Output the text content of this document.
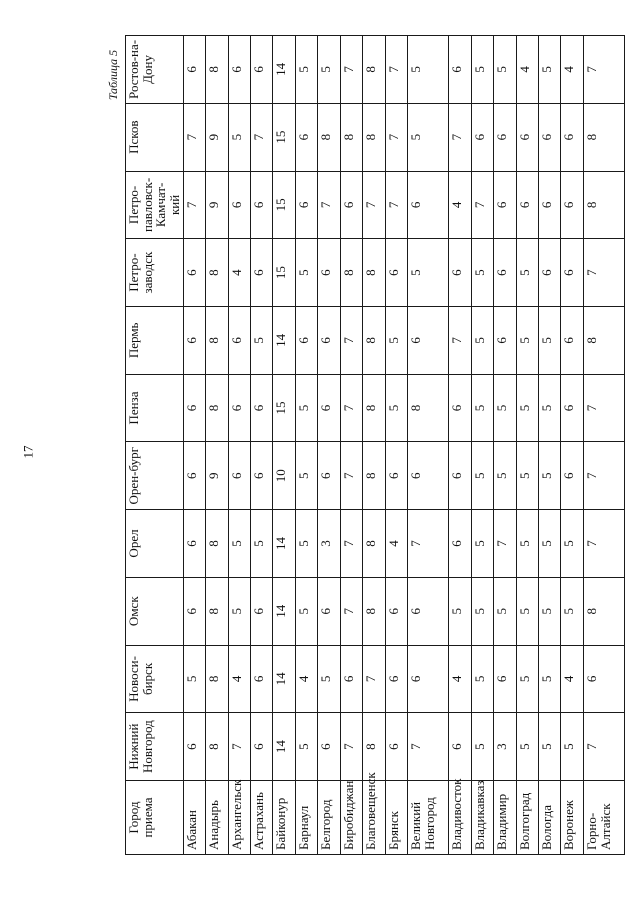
17
Таблица 5
Город приема	Нижний Новгород	Новоси-бирск	Омск	Орел	Орен-бург	Пенза	Пермь	Петро-заводск	Петро-павловск-Камчат-кий	Псков	Ростов-на-Дону
Абакан	6	5	6	6	6	6	6	6	7	7	6
Анадырь	8	8	8	8	9	8	8	8	9	9	8
Архангельск	7	4	5	5	6	6	6	4	6	5	6
Астрахань	6	6	6	5	6	6	5	6	6	7	6
Байконур	14	14	14	14	10	15	14	15	15	15	14
Барнаул	5	4	5	5	5	5	6	5	6	6	5
Белгород	6	5	6	3	6	6	6	6	7	8	5
Биробиджан	7	6	7	7	7	7	7	8	6	8	7
Благовещенск	8	7	8	8	8	8	8	8	7	8	8
Брянск	6	6	6	4	6	5	5	6	7	7	7
Великий Новгород	7	6	6	7	6	8	6	5	6	5	5
Владивосток	6	4	5	6	6	6	7	6	4	7	6
Владикавказ	5	5	5	5	5	5	5	5	7	6	5
Владимир	3	6	5	7	5	5	6	6	6	6	5
Волгоград	5	5	5	5	5	5	5	5	6	6	4
Вологда	5	5	5	5	5	5	5	6	6	6	5
Воронеж	5	4	5	5	6	6	6	6	6	6	4
Горно-Алтайск	7	6	8	7	7	7	8	7	8	8	7
